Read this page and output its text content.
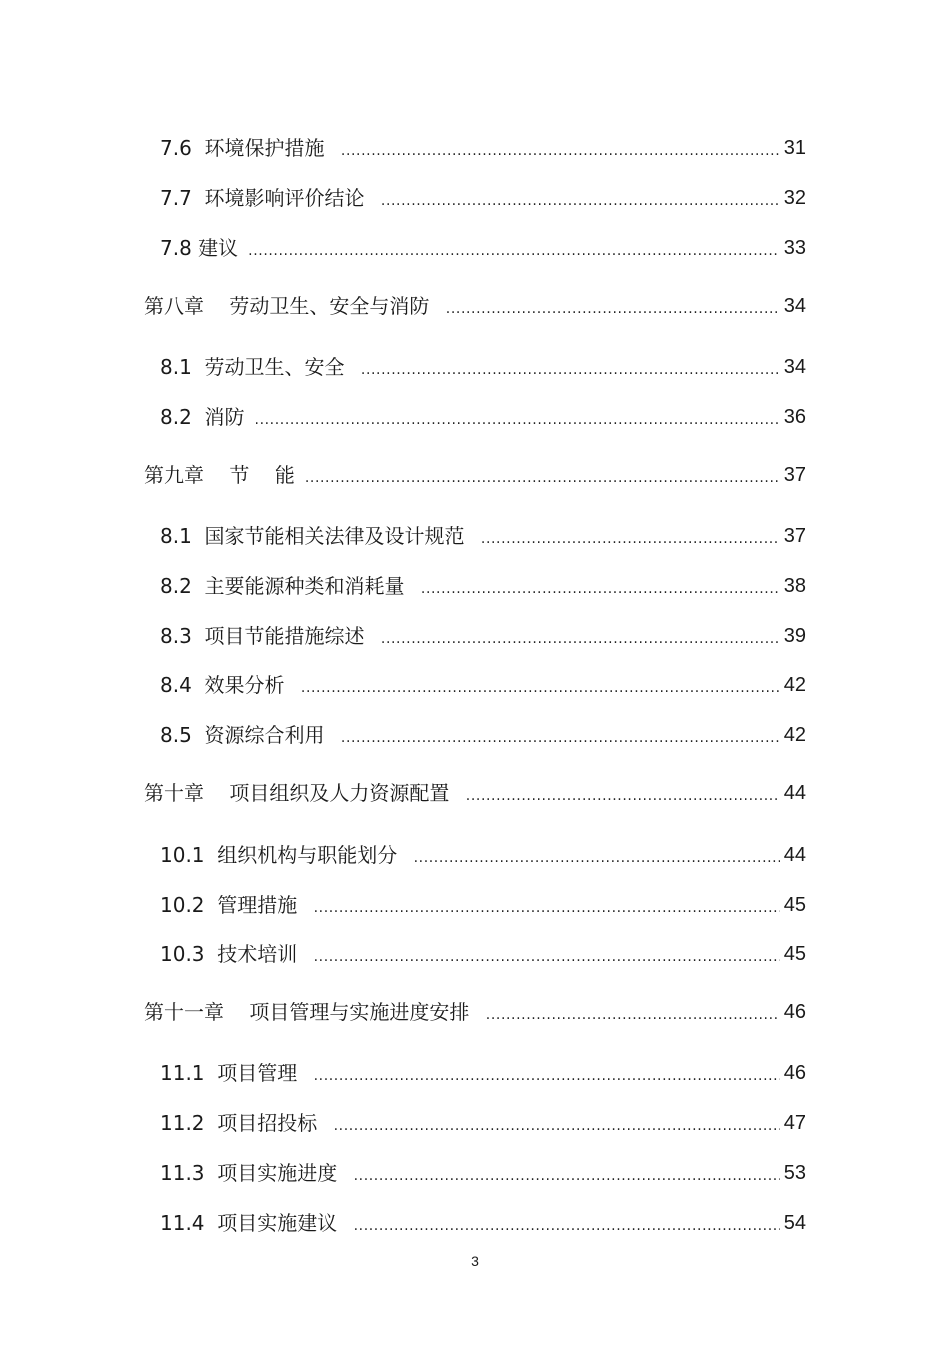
7.6  环境保护措施 .....	31
7.7  环境影响评价结论 .....	32
7.8 建议 .....	33
第八章    劳动卫生、安全与消防 .....	34
8.1  劳动卫生、安全 .....	34
8.2  消防 .....	36
第九章    节    能 .....	37
8.1  国家节能相关法律及设计规范 .....	37
8.2  主要能源种类和消耗量 .....	38
8.3  项目节能措施综述 .....	39
8.4  效果分析 .....	42
8.5  资源综合利用 .....	42
第十章    项目组织及人力资源配置 .....	44
10.1  组织机构与职能划分 .....	44
10.2  管理措施 .....	45
10.3  技术培训 .....	45
第十一章    项目管理与实施进度安排 .....	46
11.1  项目管理 .....	46
11.2  项目招投标 .....	47
11.3  项目实施进度 .....	53
11.4  项目实施建议 .....	54
3
